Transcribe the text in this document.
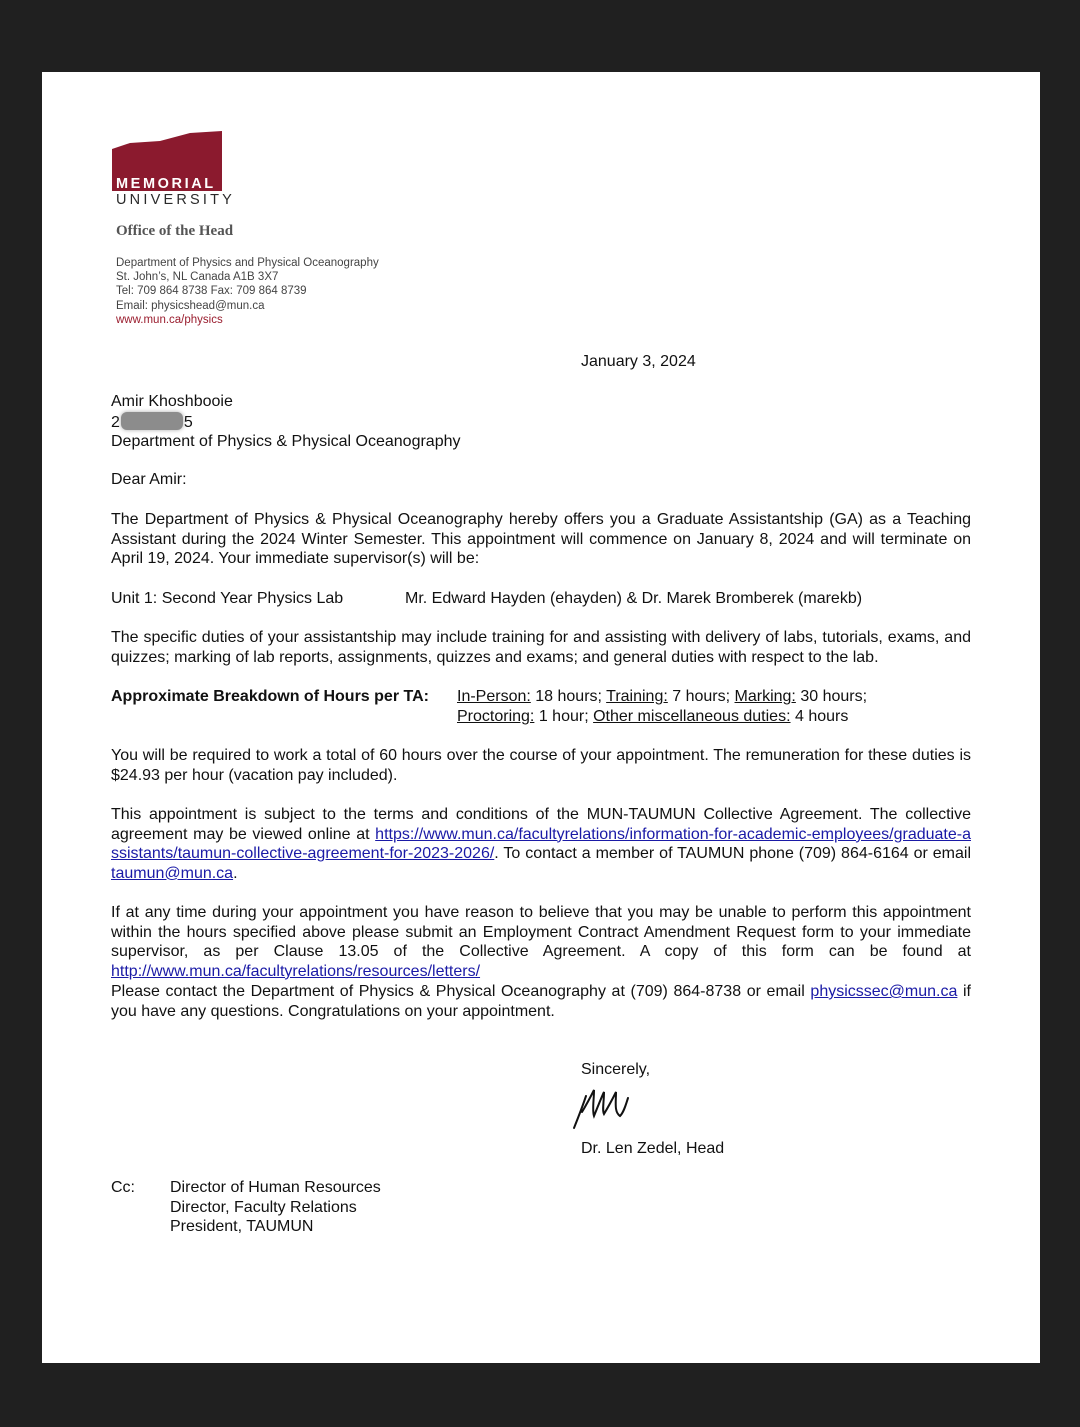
MEMORIAL
UNIVERSITY
Office of the Head
Department of Physics and Physical Oceanography
St. John’s, NL Canada A1B 3X7
Tel: 709 864 8738 Fax: 709 864 8739
Email: physicshead@mun.ca
www.mun.ca/physics
January 3, 2024
Amir Khoshbooie
2	5
Department of Physics & Physical Oceanography
Dear Amir:
The Department of Physics & Physical Oceanography hereby offers you a Graduate Assistantship (GA) as a Teaching Assistant during the 2024 Winter Semester. This appointment will commence on January 8, 2024 and will terminate on April 19, 2024. Your immediate supervisor(s) will be:
Unit 1: Second Year Physics Lab	Mr. Edward Hayden (ehayden) & Dr. Marek Bromberek (marekb)
The specific duties of your assistantship may include training for and assisting with delivery of labs, tutorials, exams, and quizzes; marking of lab reports, assignments, quizzes and exams; and general duties with respect to the lab.
Approximate Breakdown of Hours per TA: In-Person: 18 hours; Training: 7 hours; Marking: 30 hours;
Proctoring: 1 hour; Other miscellaneous duties: 4 hours
You will be required to work a total of 60 hours over the course of your appointment. The remuneration for these duties is $24.93 per hour (vacation pay included).
This appointment is subject to the terms and conditions of the MUN-TAUMUN Collective Agreement. The collective agreement may be viewed online at https://www.mun.ca/facultyrelations/information-for-academic-employees/graduate-assistants/taumun-collective-agreement-for-2023-2026/. To contact a member of TAUMUN phone (709) 864-6164 or email taumun@mun.ca.
If at any time during your appointment you have reason to believe that you may be unable to perform this appointment within the hours specified above please submit an Employment Contract Amendment Request form to your immediate supervisor, as per Clause 13.05 of the Collective Agreement. A copy of this form can be found at http://www.mun.ca/facultyrelations/resources/letters/
Please contact the Department of Physics & Physical Oceanography at (709) 864-8738 or email physicssec@mun.ca if you have any questions. Congratulations on your appointment.
Sincerely,
Dr. Len Zedel, Head
Cc: Director of Human Resources
Director, Faculty Relations
President, TAUMUN
